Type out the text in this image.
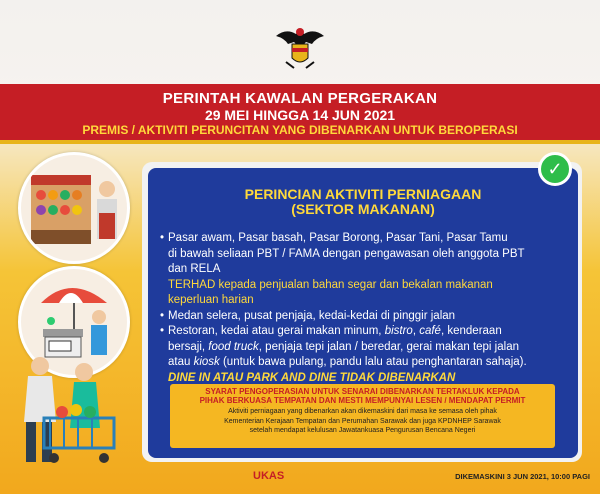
PERINTAH KAWALAN PERGERAKAN
29 MEI HINGGA 14 JUN 2021
PREMIS / AKTIVITI PERUNCITAN YANG DIBENARKAN UNTUK BEROPERASI
✓
PERINCIAN AKTIVITI PERNIAGAAN
(SEKTOR MAKANAN)
• Pasar awam, Pasar basah, Pasar Borong, Pasar Tani, Pasar Tamu
di bawah seliaan PBT / FAMA dengan pengawasan oleh anggota PBT
dan RELA
TERHAD kepada penjualan bahan segar dan bekalan makanan
keperluan harian
• Medan selera, pusat penjaja, kedai-kedai di pinggir jalan
• Restoran, kedai atau gerai makan minum, bistro, café, kenderaan
bersaji, food truck, penjaja tepi jalan / beredar, gerai makan tepi jalan
atau kiosk (untuk bawa pulang, pandu lalu atau penghantaran sahaja).
DINE IN ATAU PARK AND DINE TIDAK DIBENARKAN
SYARAT PENGOPERASIAN UNTUK SENARAI DIBENARKAN TERTAKLUK KEPADA
PIHAK BERKUASA TEMPATAN DAN MESTI MEMPUNYAI LESEN / MENDAPAT PERMIT
Aktiviti perniagaan yang dibenarkan akan dikemaskini dari masa ke semasa oleh pihak
Kementerian Kerajaan Tempatan dan Perumahan Sarawak dan juga KPDNHEP Sarawak
setelah mendapat kelulusan Jawatankuasa Pengurusan Bencana Negeri
UKAS	DIKEMASKINI 3 JUN 2021, 10:00 PAGI
